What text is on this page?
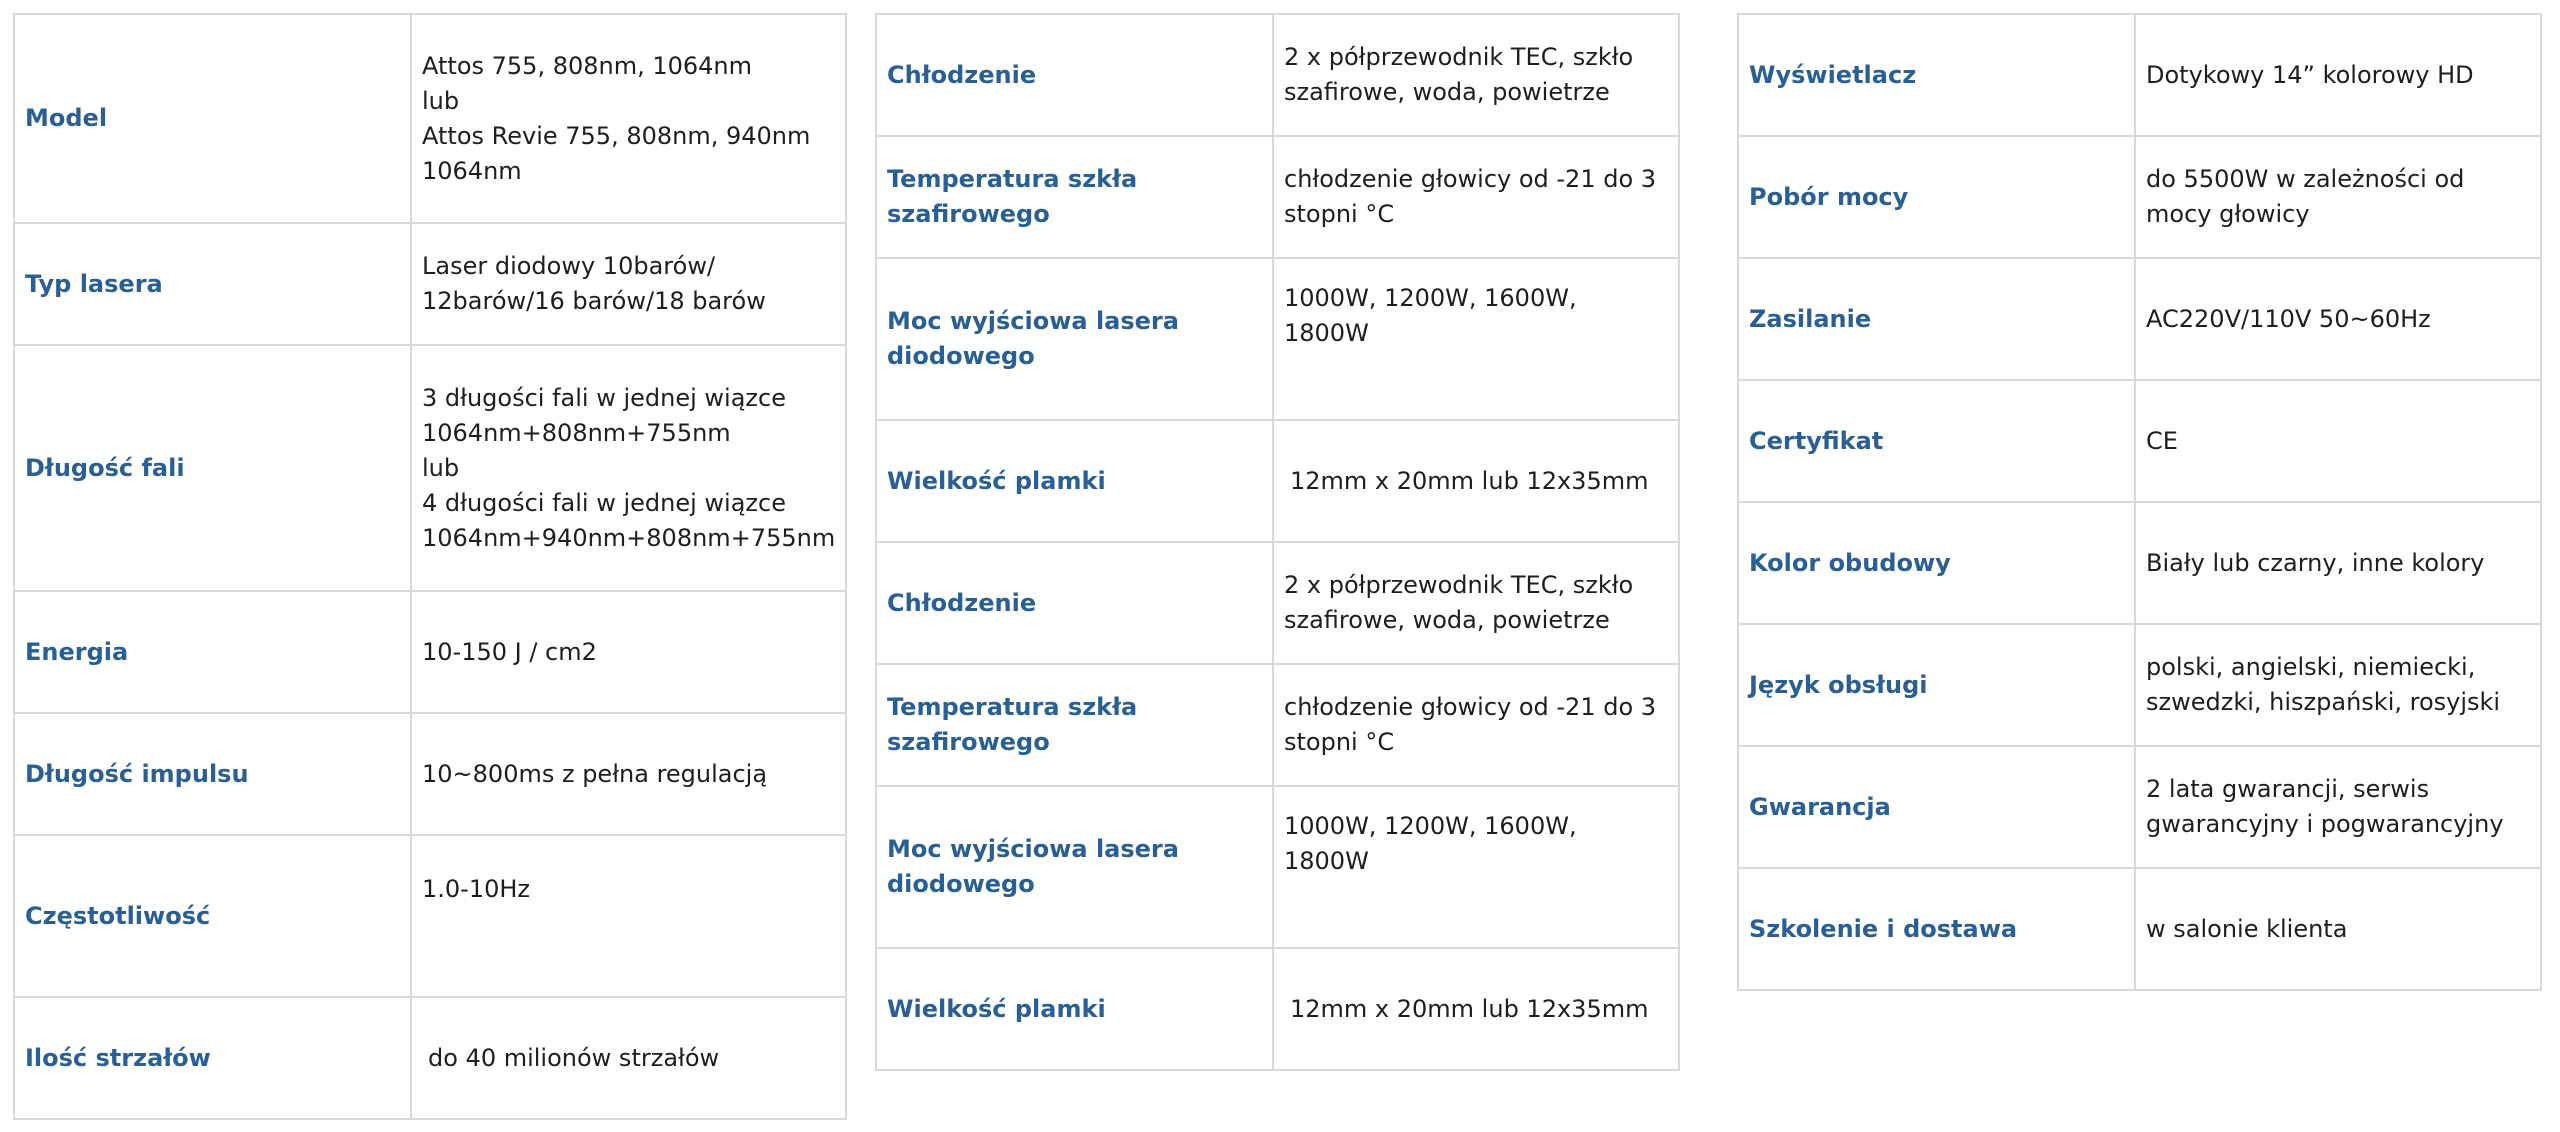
Model	Attos 755, 808nm, 1064nm
lub
Attos Revie 755, 808nm, 940nm
1064nm
Typ lasera	Laser diodowy 10barów/
12barów/16 barów/18 barów
Długość fali	3 długości fali w jednej wiązce
1064nm+808nm+755nm
lub
4 długości fali w jednej wiązce
1064nm+940nm+808nm+755nm
Energia	10-150 J / cm2
Długość impulsu	10~800ms z pełna regulacją
Częstotliwość	1.0-10Hz
Ilość strzałów	do 40 milionów strzałów
Chłodzenie	2 x półprzewodnik TEC, szkło
szafirowe, woda, powietrze
Temperatura szkła szafirowego	chłodzenie głowicy od -21 do 3
stopni °C
Moc wyjściowa lasera
diodowego	1000W, 1200W, 1600W, 1800W
Wielkość plamki	12mm x 20mm lub 12x35mm
Chłodzenie	2 x półprzewodnik TEC, szkło
szafirowe, woda, powietrze
Temperatura szkła szafirowego	chłodzenie głowicy od -21 do 3
stopni °C
Moc wyjściowa lasera
diodowego	1000W, 1200W, 1600W, 1800W
Wielkość plamki	12mm x 20mm lub 12x35mm
Wyświetlacz	Dotykowy 14” kolorowy HD
Pobór mocy	do 5500W w zależności od
mocy głowicy
Zasilanie	AC220V/110V 50~60Hz
Certyfikat	CE
Kolor obudowy	Biały lub czarny, inne kolory
Język obsługi	polski, angielski, niemiecki,
szwedzki, hiszpański, rosyjski
Gwarancja	2 lata gwarancji, serwis
gwarancyjny i pogwarancyjny
Szkolenie i dostawa	w salonie klienta
